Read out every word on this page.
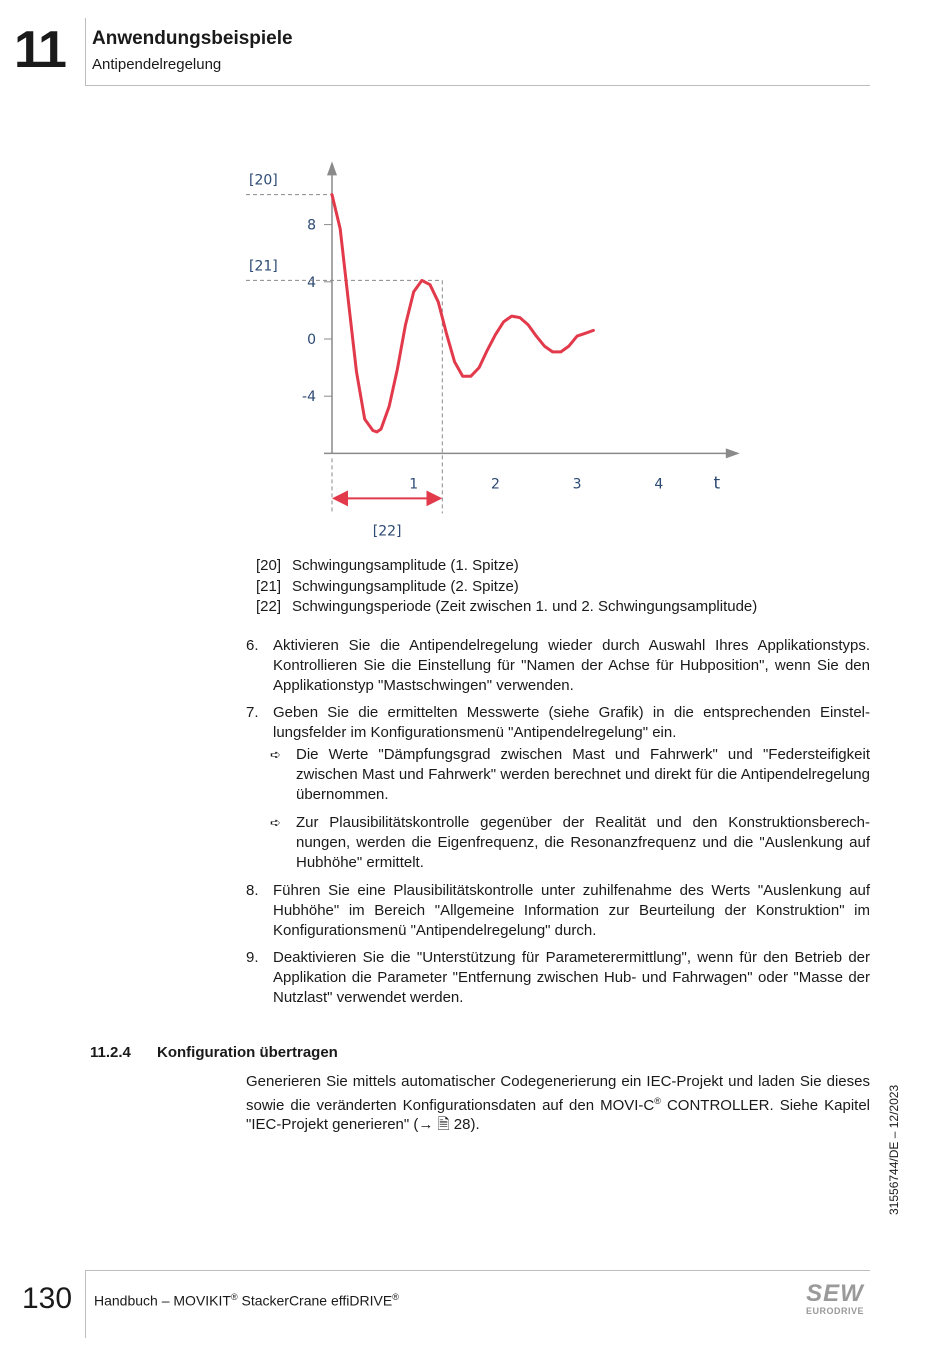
11 Anwendungsbeispiele
Antipendelregelung
8
4
0
-4
1	2	3	4	t
[20]
[21]
[22]
[20] Schwingungsamplitude (1. Spitze)
[21] Schwingungsamplitude (2. Spitze)
[22] Schwingungsperiode (Zeit zwischen 1. und 2. Schwingungsamplitude)
6. Aktivieren Sie die Antipendelregelung wieder durch Auswahl Ihres Applikationstyps. Kontrollieren Sie die Einstellung für "Namen der Achse für Hubposition", wenn Sie den Applikationstyp "Mastschwingen" verwenden.
7. Geben Sie die ermittelten Messwerte (siehe Grafik) in die entsprechenden Einstellungsfelder im Konfigurationsmenü "Antipendelregelung" ein.
➪	Die Werte "Dämpfungsgrad zwischen Mast und Fahrwerk" und "Federsteifigkeit zwischen Mast und Fahrwerk" werden berechnet und direkt für die Antipendelregelung übernommen.
➪	Zur Plausibilitätskontrolle gegenüber der Realität und den Konstruktionsberechnungen, werden die Eigenfrequenz, die Resonanzfrequenz und die "Auslenkung auf Hubhöhe" ermittelt.
8. Führen Sie eine Plausibilitätskontrolle unter zuhilfenahme des Werts "Auslenkung auf Hubhöhe" im Bereich "Allgemeine Information zur Beurteilung der Konstruktion" im Konfigurationsmenü "Antipendelregelung" durch.
9. Deaktivieren Sie die "Unterstützung für Parameterermittlung", wenn für den Betrieb der Applikation die Parameter "Entfernung zwischen Hub- und Fahrwagen" oder "Masse der Nutzlast" verwendet werden.
11.2.4 Konfiguration übertragen
Generieren Sie mittels automatischer Codegenerierung ein IEC-Projekt und laden Sie dieses sowie die veränderten Konfigurationsdaten auf den MOVI-C® CONTROLLER. Siehe Kapitel "IEC-Projekt generieren" (→ 🗎 28).	31556744/DE – 12/2023
130 Handbuch – MOVIKIT® StackerCrane effiDRIVE®	SEW
EURODRIVE
